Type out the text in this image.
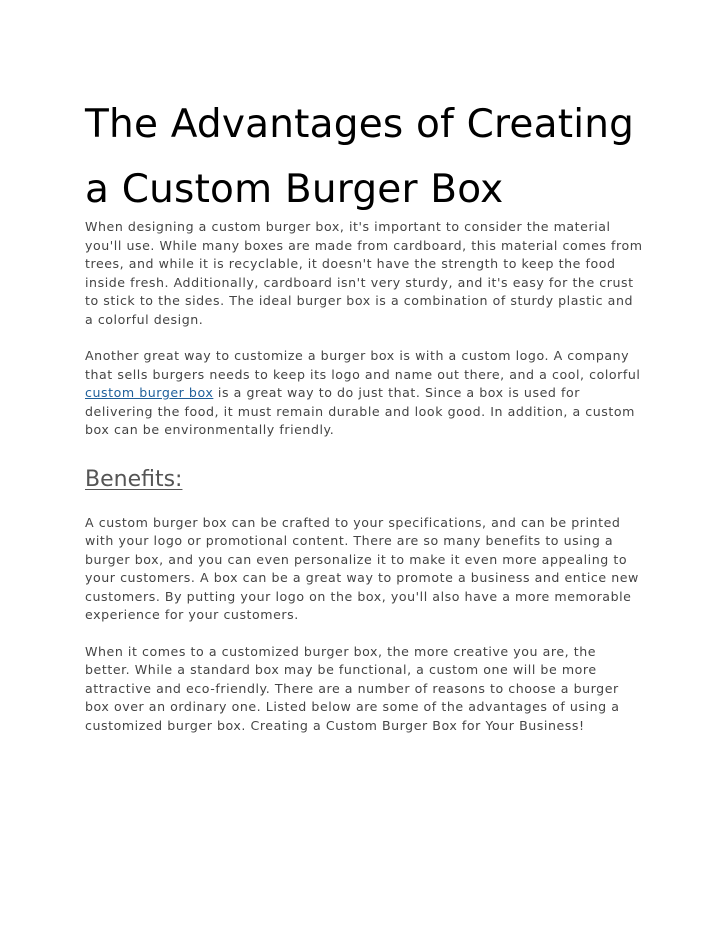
The Advantages of Creating a Custom Burger Box

When designing a custom burger box, it's important to consider the material you'll use. While many boxes are made from cardboard, this material comes from trees, and while it is recyclable, it doesn't have the strength to keep the food inside fresh. Additionally, cardboard isn't very sturdy, and it's easy for the crust to stick to the sides. The ideal burger box is a combination of sturdy plastic and a colorful design.

Another great way to customize a burger box is with a custom logo. A company that sells burgers needs to keep its logo and name out there, and a cool, colorful custom burger box is a great way to do just that. Since a box is used for delivering the food, it must remain durable and look good. In addition, a custom box can be environmentally friendly.

Benefits:

A custom burger box can be crafted to your specifications, and can be printed with your logo or promotional content. There are so many benefits to using a burger box, and you can even personalize it to make it even more appealing to your customers. A box can be a great way to promote a business and entice new customers. By putting your logo on the box, you'll also have a more memorable experience for your customers.

When it comes to a customized burger box, the more creative you are, the better. While a standard box may be functional, a custom one will be more attractive and eco-friendly. There are a number of reasons to choose a burger box over an ordinary one. Listed below are some of the advantages of using a customized burger box. Creating a Custom Burger Box for Your Business!
